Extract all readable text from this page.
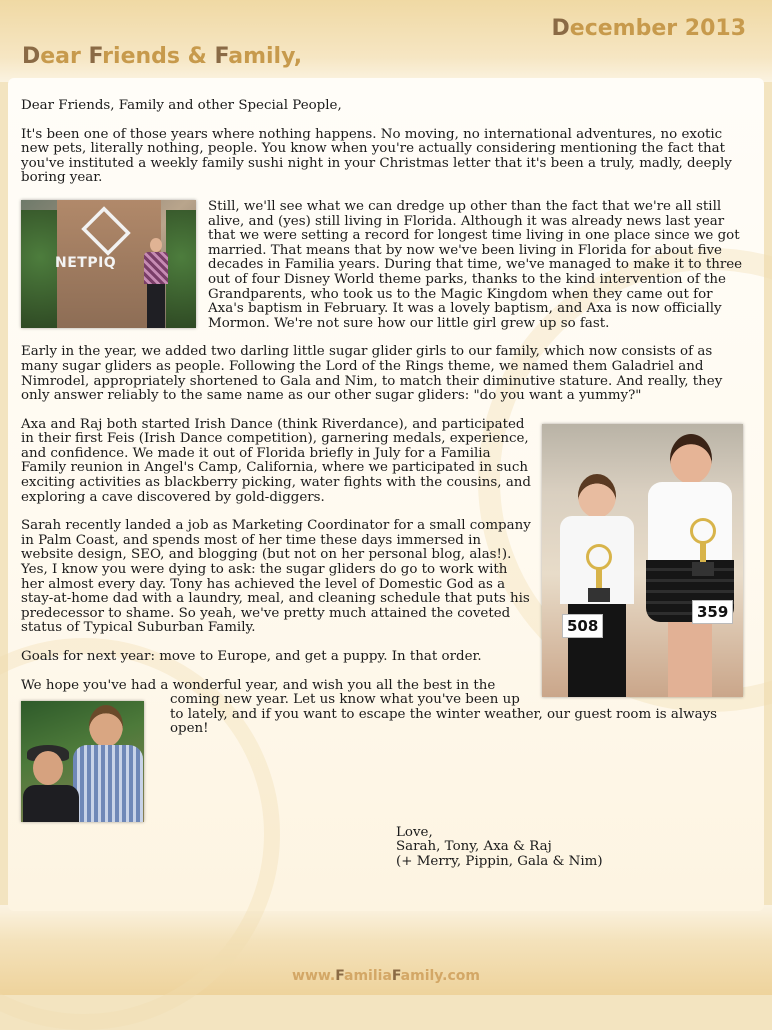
December 2013
Dear Friends & Family,

Dear Friends, Family and other Special People,

It's been one of those years where nothing happens. No moving, no international adventures, no exotic new pets, literally nothing, people. You know when you're actually considering mentioning the fact that you've instituted a weekly family sushi night in your Christmas letter that it's been a truly, madly, deeply boring year.

NETPIQ

Still, we'll see what we can dredge up other than the fact that we're all still alive, and (yes) still living in Florida. Although it was already news last year that we were setting a record for longest time living in one place since we got married. That means that by now we've been living in Florida for about five decades in Familia years. During that time, we've managed to make it to three out of four Disney World theme parks, thanks to the kind intervention of the Grandparents, who took us to the Magic Kingdom when they came out for Axa's baptism in February. It was a lovely baptism, and Axa is now officially Mormon. We're not sure how our little girl grew up so fast.

Early in the year, we added two darling little sugar glider girls to our family, which now consists of as many sugar gliders as people. Following the Lord of the Rings theme, we named them Galadriel and Nimrodel, appropriately shortened to Gala and Nim, to match their diminutive stature. And really, they only answer reliably to the same name as our other sugar gliders: "do you want a yummy?"

508
359

Axa and Raj both started Irish Dance (think Riverdance), and participated in their first Feis (Irish Dance competition), garnering medals, experience, and confidence. We made it out of Florida briefly in July for a Familia Family reunion in Angel's Camp, California, where we participated in such exciting activities as blackberry picking, water fights with the cousins, and exploring a cave discovered by gold-diggers.

Sarah recently landed a job as Marketing Coordinator for a small company in Palm Coast, and spends most of her time these days immersed in website design, SEO, and blogging (but not on her personal blog, alas!). Yes, I know you were dying to ask: the sugar gliders do go to work with her almost every day. Tony has achieved the level of Domestic God as a stay-at-home dad with a laundry, meal, and cleaning schedule that puts his predecessor to shame. So yeah, we've pretty much attained the coveted status of Typical Suburban Family.

Goals for next year: move to Europe, and get a puppy. In that order.

We hope you've had a wonderful year, and wish you all the best in the coming new year. Let us know what you've been up to lately, and if you want to escape the winter weather, our guest room is always open!

Love,
Sarah, Tony, Axa & Raj
(+ Merry, Pippin, Gala & Nim)

www.FamiliaFamily.com
